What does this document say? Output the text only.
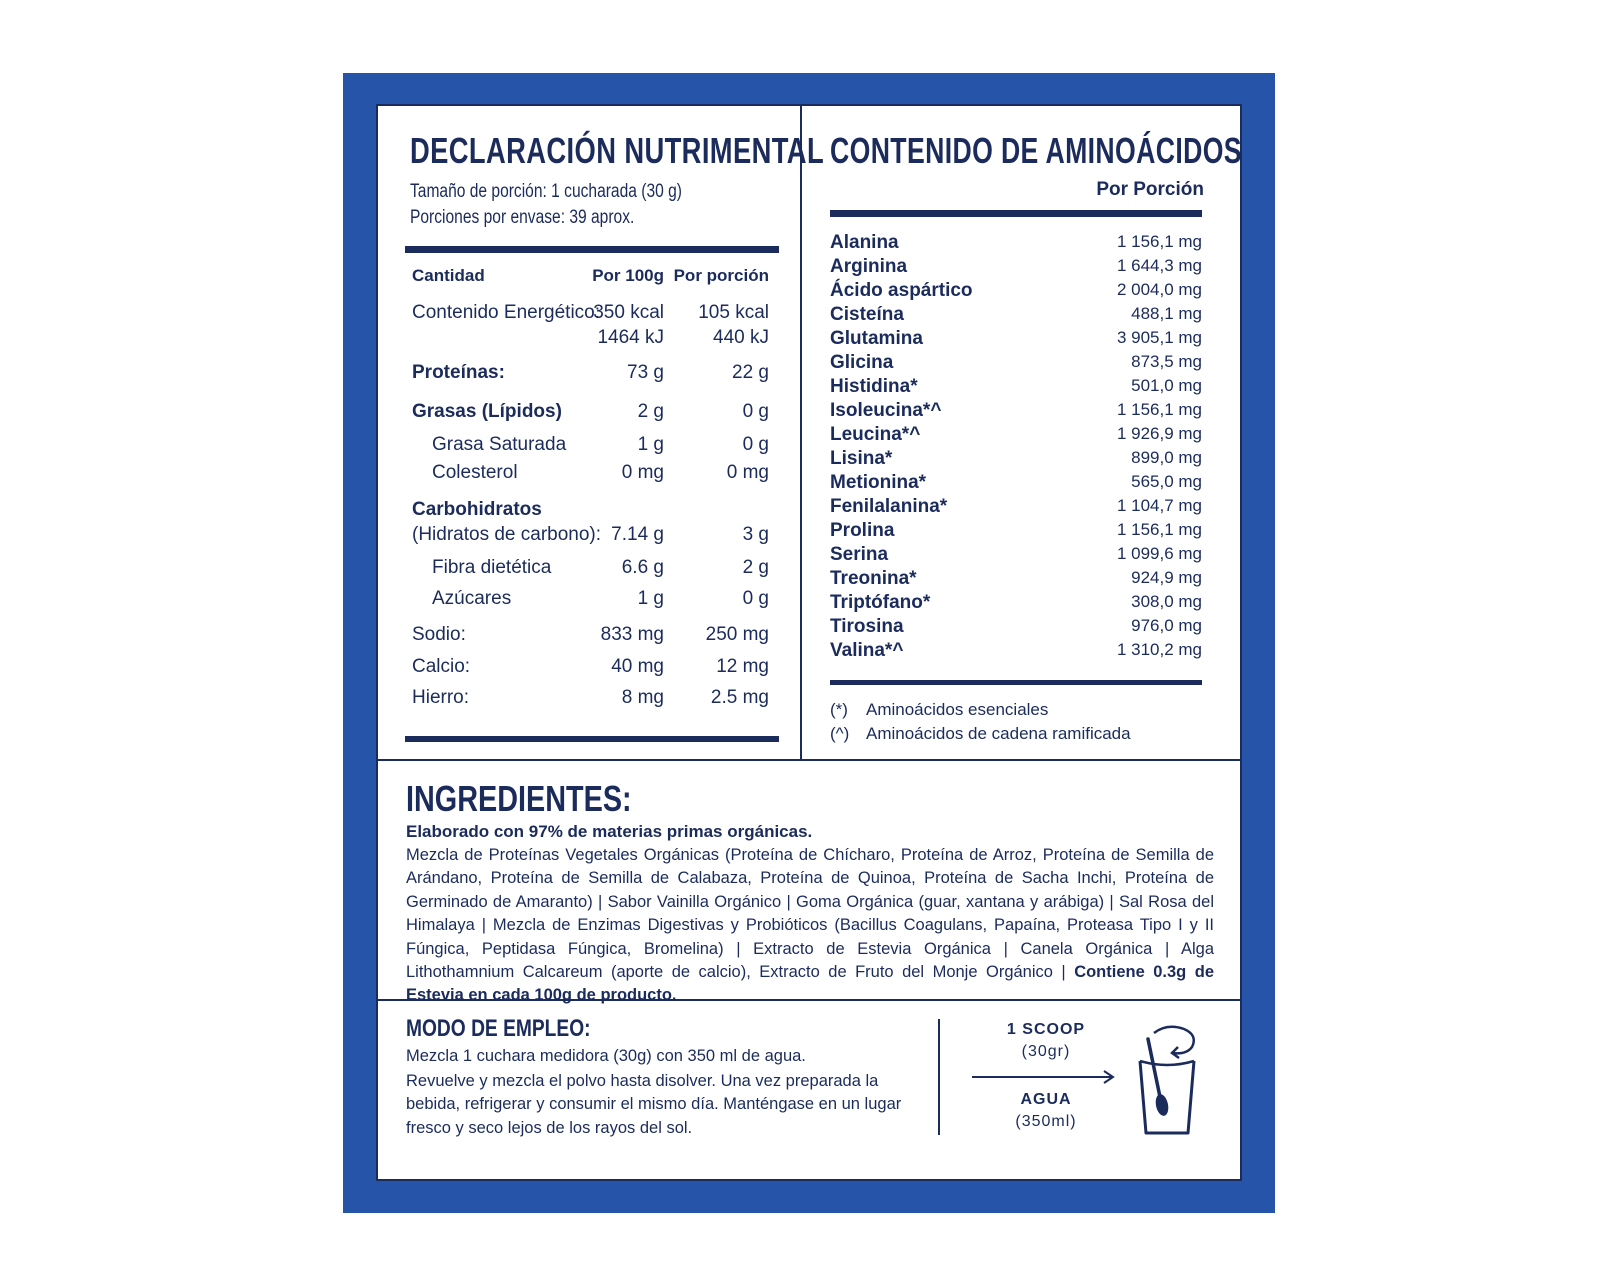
DECLARACIÓN NUTRIMENTAL
Tamaño de porción: 1 cucharada (30 g)
Porciones por envase: 39 aprox.
Cantidad	Por 100g Por porción
Contenido Energético:
350 kcal 105 kcal
1464 kJ	440 kJ
Proteínas:	73 g	22 g
Grasas (Lípidos)	2 g	0 g
Grasa Saturada	1 g	0 g
Colesterol	0 mg	0 mg
Carbohidratos
(Hidratos de carbono): 7.14 g	3 g
Fibra dietética	6.6 g	2 g
Azúcares	1 g	0 g
Sodio:	833 mg 250 mg
Calcio:	40 mg	12 mg
Hierro:	8 mg 2.5 mg
CONTENIDO DE AMINOÁCIDOS
Por Porción
Alanina	1 156,1 mg
Arginina	1 644,3 mg
Ácido aspártico	2 004,0 mg
Cisteína	488,1 mg
Glutamina	3 905,1 mg
Glicina	873,5 mg
Histidina*	501,0 mg
Isoleucina*^	1 156,1 mg
Leucina*^	1 926,9 mg
Lisina*	899,0 mg
Metionina*	565,0 mg
Fenilalanina*	1 104,7 mg
Prolina	1 156,1 mg
Serina	1 099,6 mg
Treonina*	924,9 mg
Triptófano*	308,0 mg
Tirosina	976,0 mg
Valina*^	1 310,2 mg
(*) Aminoácidos esenciales
(^) Aminoácidos de cadena ramificada
INGREDIENTES:
Elaborado con 97% de materias primas orgánicas.
Mezcla de Proteínas Vegetales Orgánicas (Proteína de Chícharo, Proteína de Arroz, Proteína de Semilla de Arándano, Proteína de Semilla de Calabaza, Proteína de Quinoa, Proteína de Sacha Inchi, Proteína de Germinado de Amaranto) | Sabor Vainilla Orgánico | Goma Orgánica (guar, xantana y arábiga) | Sal Rosa del Himalaya | Mezcla de Enzimas Digestivas y Probióticos (Bacillus Coagulans, Papaína, Proteasa Tipo I y II Fúngica, Peptidasa Fúngica, Bromelina) | Extracto de Estevia Orgánica | Canela Orgánica | Alga Lithothamnium Calcareum (aporte de calcio), Extracto de Fruto del Monje Orgánico | Contiene 0.3g de Estevia en cada 100g de producto.
MODO DE EMPLEO:
Mezcla 1 cuchara medidora (30g) con 350 ml de agua.
Revuelve y mezcla el polvo hasta disolver. Una vez preparada la bebida, refrigerar y consumir el mismo día. Manténgase en un lugar fresco y seco lejos de los rayos del sol.
1 SCOOP
(30gr)
AGUA
(350ml)
